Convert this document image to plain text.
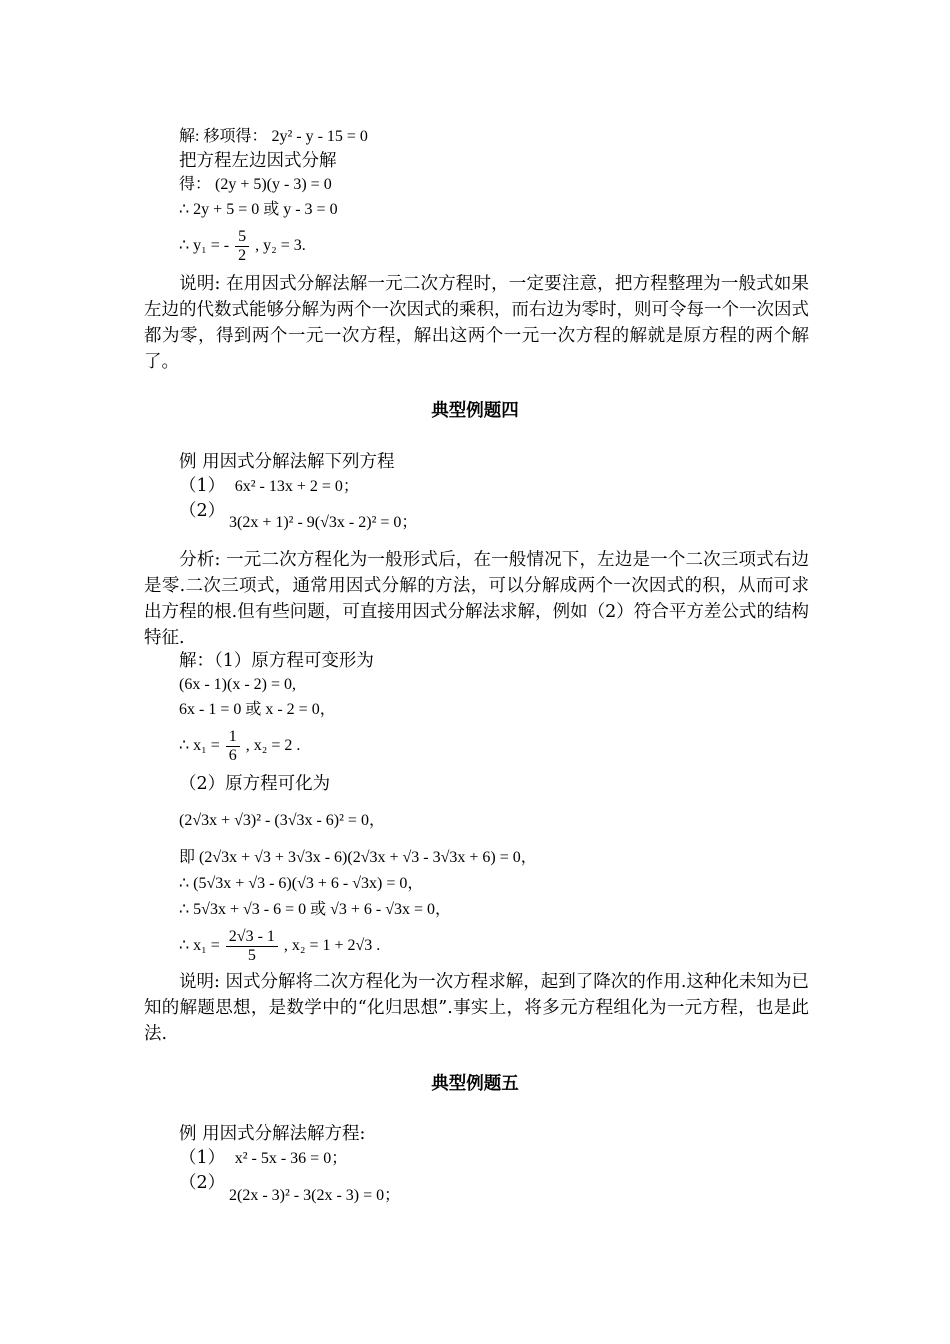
解: 移项得： 2y² - y - 15 = 0
把方程左边因式分解
得： (2y + 5)(y - 3) = 0
∴ 2y + 5 = 0 或 y - 3 = 0
∴ y₁ = - $\frac{5}{2}$ , y₂ = 3.
说明: 在用因式分解法解一元二次方程时，一定要注意，把方程整理为一般式如果左边的代数式能够分解为两个一次因式的乘积，而右边为零时，则可令每一个一次因式都为零，得到两个一元一次方程，解出这两个一元一次方程的解就是原方程的两个解了。
典型例题四
例 用因式分解法解下列方程
（1） 6x² - 13x + 2 = 0；
（2）
3(2x + 1)² - 9(√3x - 2)² = 0；
分析: 一元二次方程化为一般形式后，在一般情况下，左边是一个二次三项式右边是零.二次三项式，通常用因式分解的方法，可以分解成两个一次因式的积，从而可求出方程的根.但有些问题，可直接用因式分解法求解，例如（2）符合平方差公式的结构特征.
解：（1）原方程可变形为
(6x - 1)(x - 2) = 0,
6x - 1 = 0 或 x - 2 = 0，
∴ $x_1 = \frac{1}{6}$ , x₂ = 2 .
（2）原方程可化为
(2√3x + √3)² - (3√3x - 6)² = 0，
即 (2√3x + √3 + 3√3x - 6)(2√3x + √3 - 3√3x + 6) = 0，
∴ (5√3x + √3 - 6)(√3 + 6 - √3x) = 0，
∴ 5√3x + √3 - 6 = 0 或 √3 + 6 - √3x = 0，
∴ $x_1 = \frac{2√3 - 1}{5}$ , x₂ = 1 + 2√3 .
说明: 因式分解将二次方程化为一次方程求解，起到了降次的作用.这种化未知为已知的解题思想，是数学中的“化归思想”.事实上，将多元方程组化为一元方程，也是此法.
典型例题五
例 用因式分解法解方程:
（1） x² - 5x - 36 = 0；
（2）
2(2x - 3)² - 3(2x - 3) = 0；
